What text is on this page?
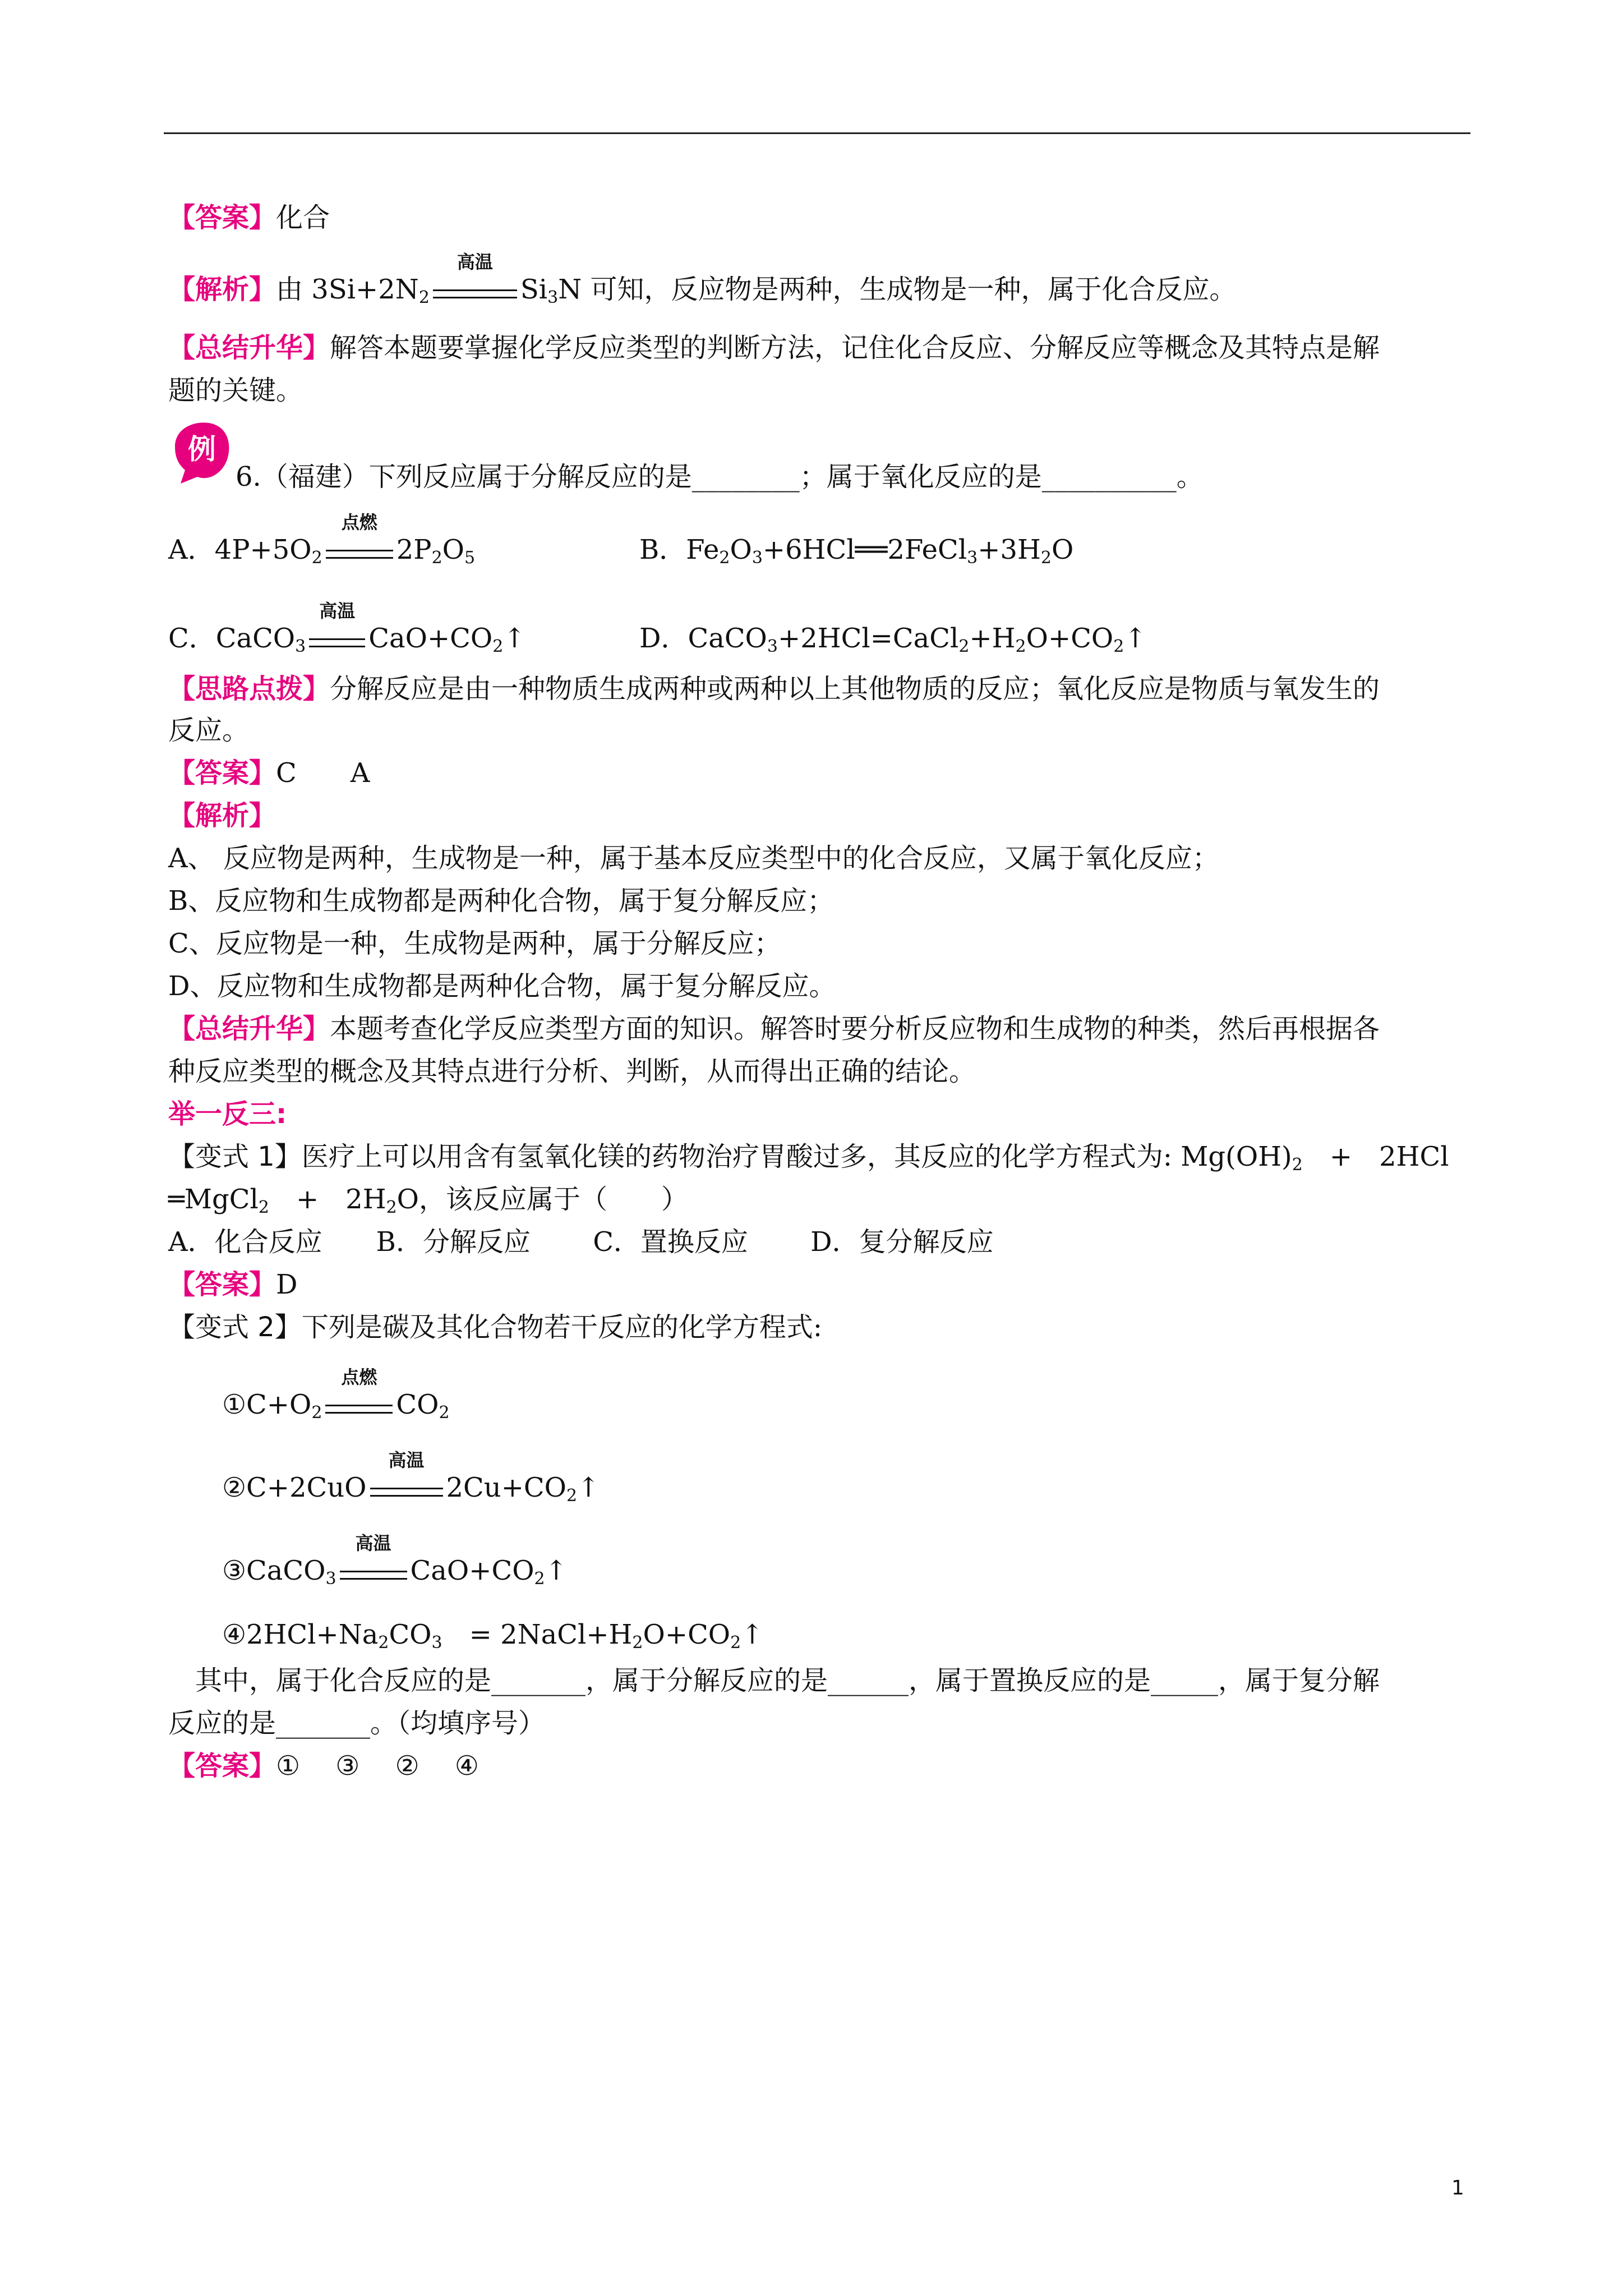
【答案】化合
【解析】由 $3Si+2N_2$
高温
$Si_3N$ 可知，反应物是两种，生成物是一种，属于化合反应。
【总结升华】解答本题要掌握化学反应类型的判断方法，记住化合反应、分解反应等概念及其特点是解
题的关键。
例
6.（福建）下列反应属于分解反应的是________；属于氧化反应的是__________。
A．$4P+5O_2$
点燃
$2P_2O_5$	B．$Fe_2O_3+6HCl══2FeCl_3+3H_2O$
C．CaCO$_3$
高温
$CaO+CO_2↑$	D．$CaCO_3+2HCl=CaCl_2+H_2O+CO_2↑$
【思路点拨】分解反应是由一种物质生成两种或两种以上其他物质的反应；氧化反应是物质与氧发生的
反应。
【答案】C　　A
【解析】
A、 反应物是两种，生成物是一种，属于基本反应类型中的化合反应，又属于氧化反应；
B、反应物和生成物都是两种化合物，属于复分解反应；
C、反应物是一种，生成物是两种，属于分解反应；
D、反应物和生成物都是两种化合物，属于复分解反应。
【总结升华】本题考查化学反应类型方面的知识。解答时要分析反应物和生成物的种类，然后再根据各
种反应类型的概念及其特点进行分析、判断，从而得出正确的结论。
举一反三:
【变式 1】医疗上可以用含有氢氧化镁的药物治疗胃酸过多，其反应的化学方程式为: $Mg(OH)_2$　+　2HCl
═MgCl$_2$　+　$2H_2O$，该反应属于（　　）
A．化合反应　　B．分解反应　　 C．置换反应　　 D．复分解反应
【答案】D
【变式 2】下列是碳及其化合物若干反应的化学方程式:
$①C+O_2$
点燃
$CO_2$
②C+2CuO
高温
$2Cu+CO_2↑$
③CaCO$_3$
高温
$CaO+CO_2↑$
$④2HCl+Na_2CO_3$　= $2NaCl+H_2O+CO_2↑$
　其中，属于化合反应的是_______，属于分解反应的是______，属于置换反应的是_____，属于复分解
反应的是_______。（均填序号）
【答案】①　 ③　 ②　 ④
1
